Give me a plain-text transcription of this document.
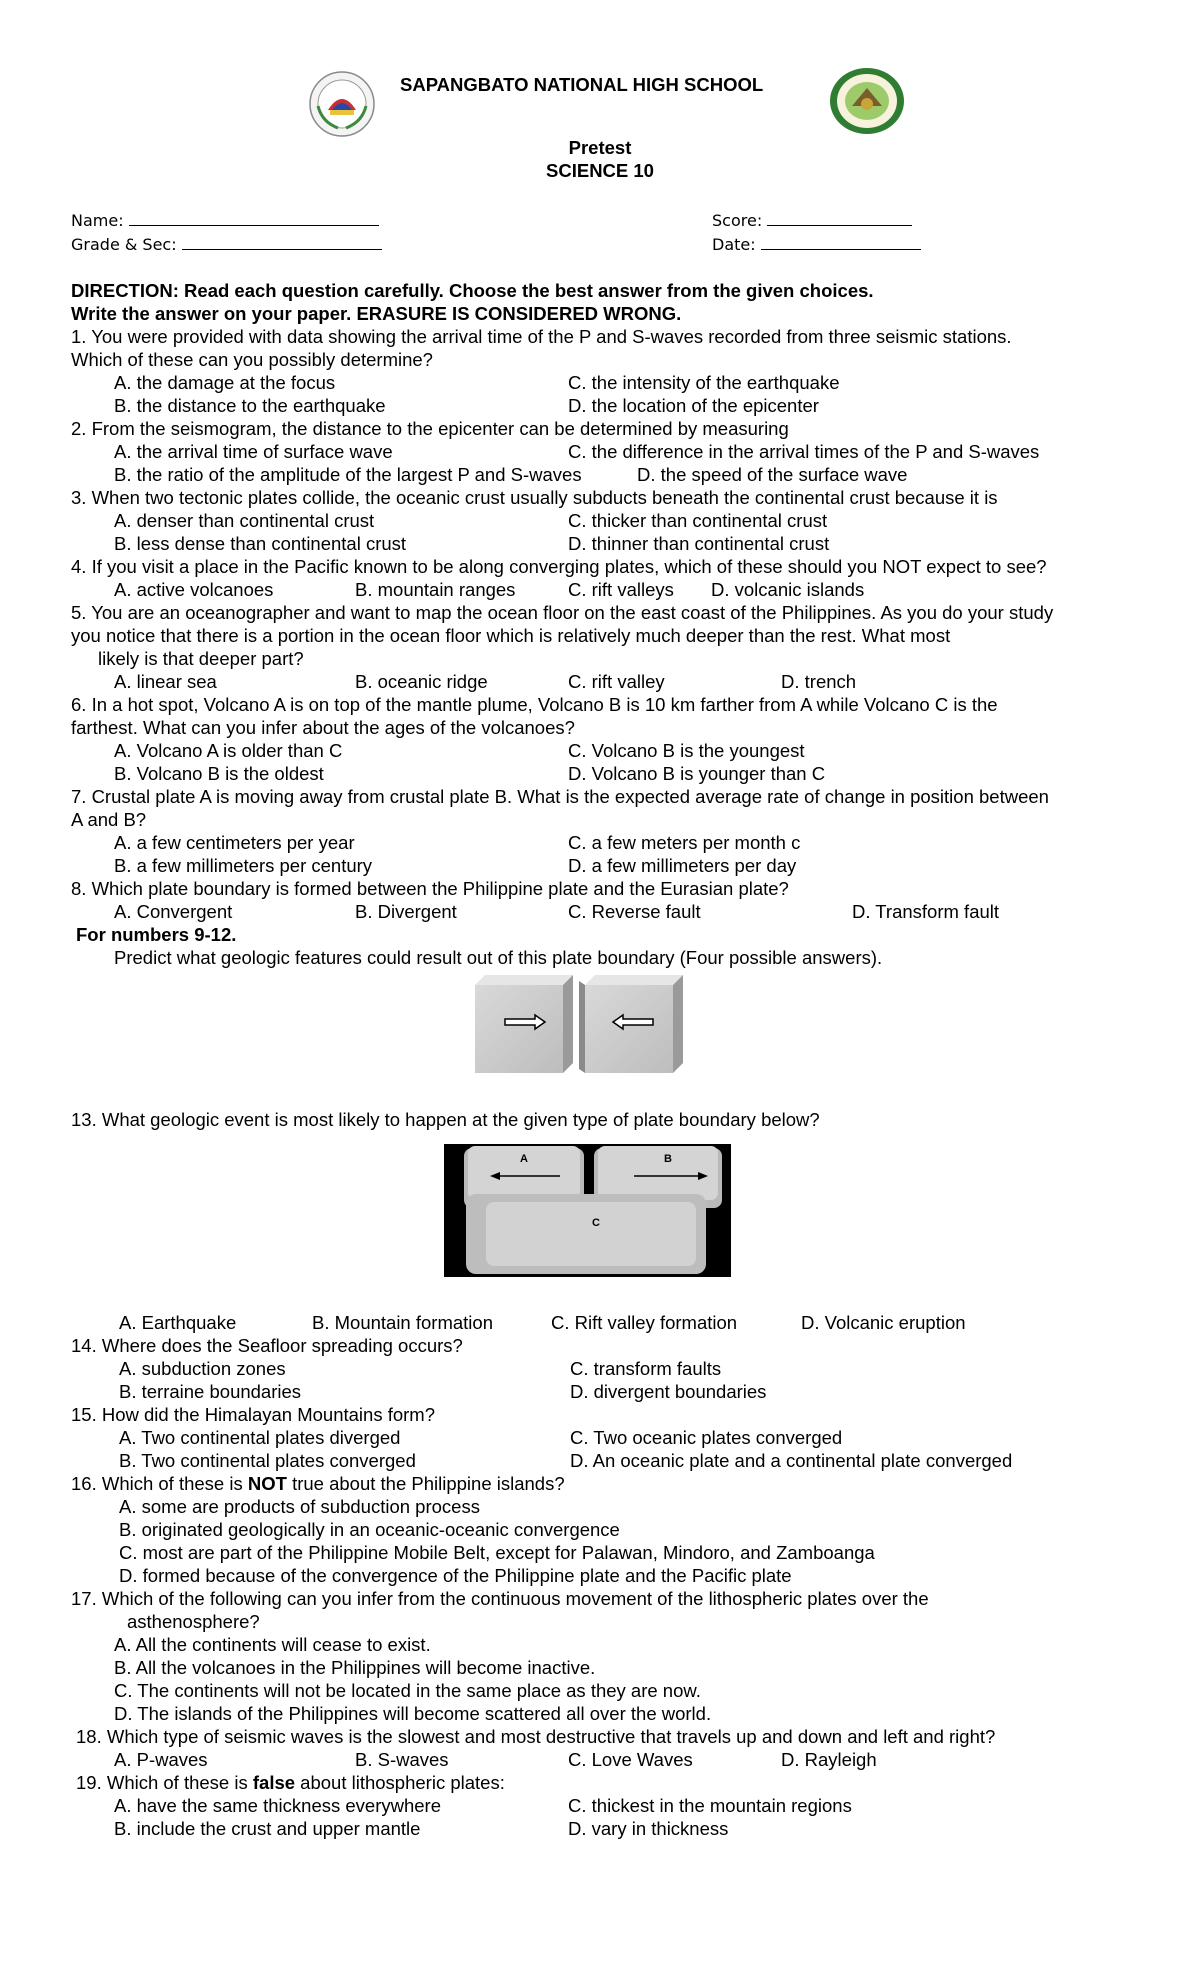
SAPANGBATO NATIONAL HIGH SCHOOL
Pretest
SCIENCE 10
Name:
Grade & Sec:
Score:
Date:
DIRECTION: Read each question carefully. Choose the best answer from the given choices.
Write the answer on your paper. ERASURE IS CONSIDERED WRONG.
1. You were provided with data showing the arrival time of the P and S-waves recorded from three seismic stations.
Which of these can you possibly determine?
A. the damage at the focus
B. the distance to the earthquake
C. the intensity of the earthquake
D. the location of the epicenter
2. From the seismogram, the distance to the epicenter can be determined by measuring
A. the arrival time of surface wave
B. the ratio of the amplitude of the largest P and S-waves
C. the difference in the arrival times of the P and S-waves
D. the speed of the surface wave
3. When two tectonic plates collide, the oceanic crust usually subducts beneath the continental crust because it is
A. denser than continental crust
B. less dense than continental crust
C. thicker than continental crust
D. thinner than continental crust
4. If you visit a place in the Pacific known to be along converging plates, which of these should you NOT expect to see?
A. active volcanoes	B. mountain ranges	C. rift valleys D. volcanic islands
5. You are an oceanographer and want to map the ocean floor on the east coast of the Philippines. As you do your study
you notice that there is a portion in the ocean floor which is relatively much deeper than the rest. What most
likely is that deeper part?
A. linear sea	B. oceanic ridge	C. rift valley	D. trench
6. In a hot spot, Volcano A is on top of the mantle plume, Volcano B is 10 km farther from A while Volcano C is the
farthest. What can you infer about the ages of the volcanoes?
A. Volcano A is older than C
B. Volcano B is the oldest
C. Volcano B is the youngest
D. Volcano B is younger than C
7. Crustal plate A is moving away from crustal plate B. What is the expected average rate of change in position between
A and B?
A. a few centimeters per year
B. a few millimeters per century
C. a few meters per month c
D. a few millimeters per day
8. Which plate boundary is formed between the Philippine plate and the Eurasian plate?
A. Convergent	B. Divergent	C. Reverse fault	D. Transform fault
For numbers 9-12.
Predict what geologic features could result out of this plate boundary (Four possible answers).
13. What geologic event is most likely to happen at the given type of plate boundary below?
A	B
C
A. Earthquake	B. Mountain formation	C. Rift valley formation	D. Volcanic eruption
14. Where does the Seafloor spreading occurs?
A. subduction zones
B. terraine boundaries
C. transform faults
D. divergent boundaries
15. How did the Himalayan Mountains form?
A. Two continental plates diverged
B. Two continental plates converged
C. Two oceanic plates converged
D. An oceanic plate and a continental plate converged
16. Which of these is NOT true about the Philippine islands?
A. some are products of subduction process
B. originated geologically in an oceanic-oceanic convergence
C. most are part of the Philippine Mobile Belt, except for Palawan, Mindoro, and Zamboanga
D. formed because of the convergence of the Philippine plate and the Pacific plate
17. Which of the following can you infer from the continuous movement of the lithospheric plates over the
asthenosphere?
A. All the continents will cease to exist.
B. All the volcanoes in the Philippines will become inactive.
C. The continents will not be located in the same place as they are now.
D. The islands of the Philippines will become scattered all over the world.
18. Which type of seismic waves is the slowest and most destructive that travels up and down and left and right?
A. P-waves	B. S-waves	C. Love Waves	D. Rayleigh
19. Which of these is false about lithospheric plates:
A. have the same thickness everywhere
B. include the crust and upper mantle
C. thickest in the mountain regions
D. vary in thickness
